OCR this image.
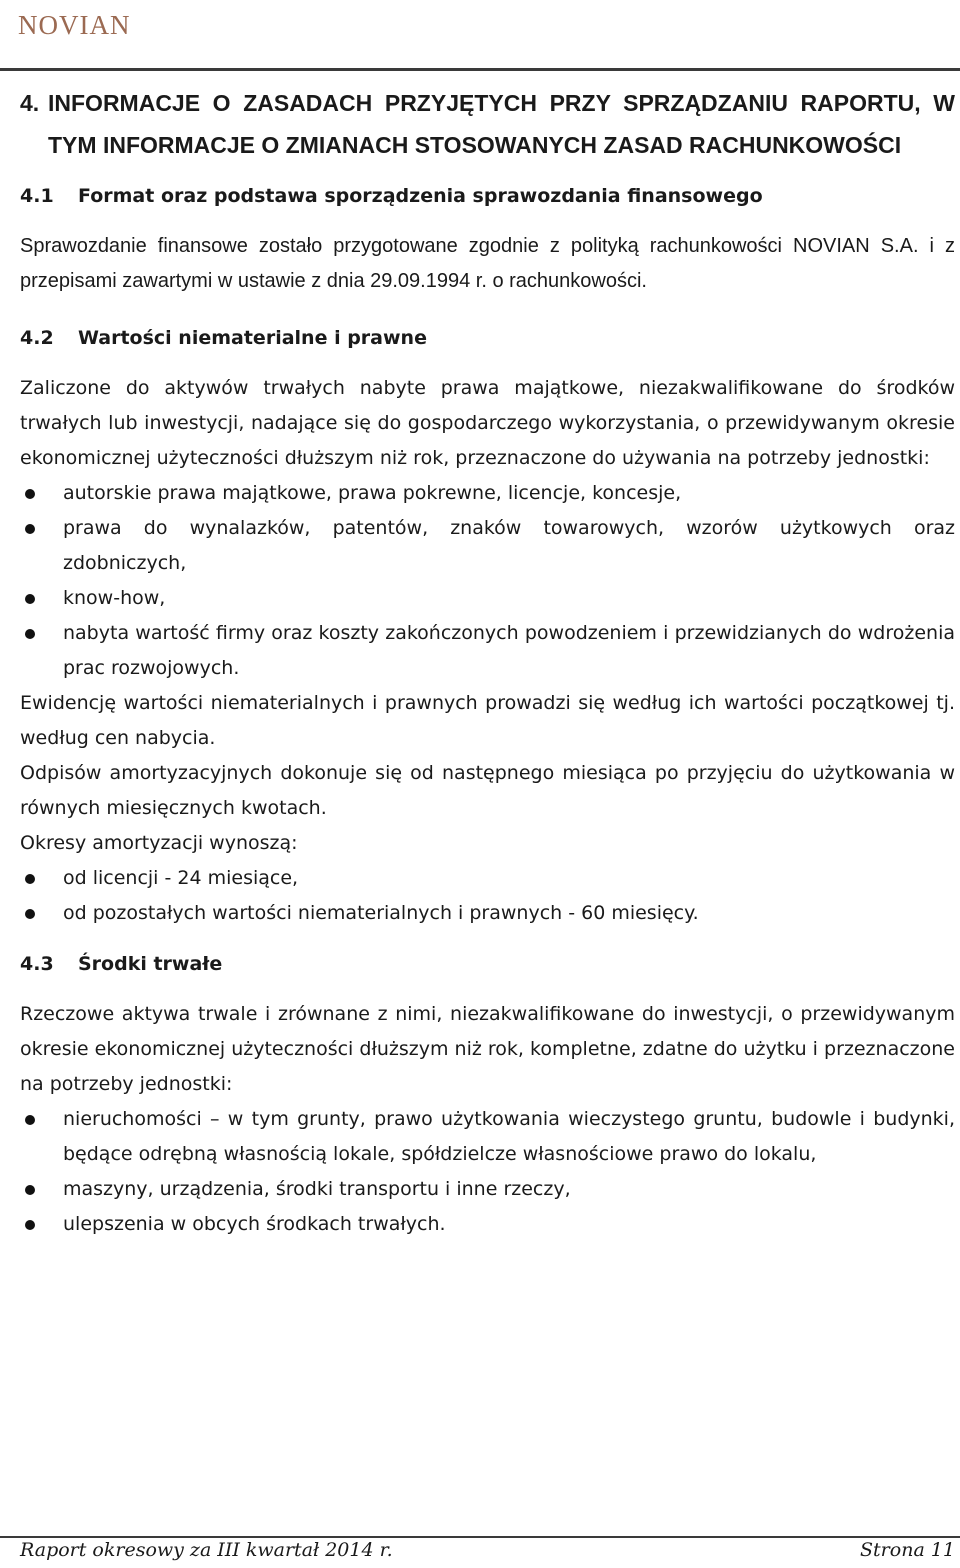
NOVIAN
4. INFORMACJE O ZASADACH PRZYJĘTYCH PRZY SPRZĄDZANIU RAPORTU, W TYM INFORMACJE O ZMIANACH STOSOWANYCH ZASAD RACHUNKOWOŚCI
4.1	Format oraz podstawa sporządzenia sprawozdania finansowego

Sprawozdanie finansowe zostało przygotowane zgodnie z polityką rachunkowości NOVIAN S.A. i z przepisami zawartymi w ustawie z dnia 29.09.1994 r. o rachunkowości.

4.2	Wartości niematerialne i prawne

Zaliczone do aktywów trwałych nabyte prawa majątkowe, niezakwalifikowane do środków trwałych lub inwestycji, nadające się do gospodarczego wykorzystania, o przewidywanym okresie ekonomicznej użyteczności dłuższym niż rok, przeznaczone do używania na potrzeby jednostki:

autorskie prawa majątkowe, prawa pokrewne, licencje, koncesje,
prawa do wynalazków, patentów, znaków towarowych, wzorów użytkowych oraz zdobniczych,
know-how,
nabyta wartość firmy oraz koszty zakończonych powodzeniem i przewidzianych do wdrożenia prac rozwojowych.

Ewidencję wartości niematerialnych i prawnych prowadzi się według ich wartości początkowej tj. według cen nabycia.

Odpisów amortyzacyjnych dokonuje się od następnego miesiąca po przyjęciu do użytkowania w równych miesięcznych kwotach.

Okresy amortyzacji wynoszą:

od licencji - 24 miesiące,
od pozostałych wartości niematerialnych i prawnych - 60 miesięcy.
4.3	Środki trwałe

Rzeczowe aktywa trwale i zrównane z nimi, niezakwalifikowane do inwestycji, o przewidywanym okresie ekonomicznej użyteczności dłuższym niż rok, kompletne, zdatne do użytku i przeznaczone na potrzeby jednostki:

nieruchomości – w tym grunty, prawo użytkowania wieczystego gruntu, budowle i budynki, będące odrębną własnością lokale, spółdzielcze własnościowe prawo do lokalu,
maszyny, urządzenia, środki transportu i inne rzeczy,
ulepszenia w obcych środkach trwałych.
Raport okresowy za III kwartał 2014 r.	Strona 11
